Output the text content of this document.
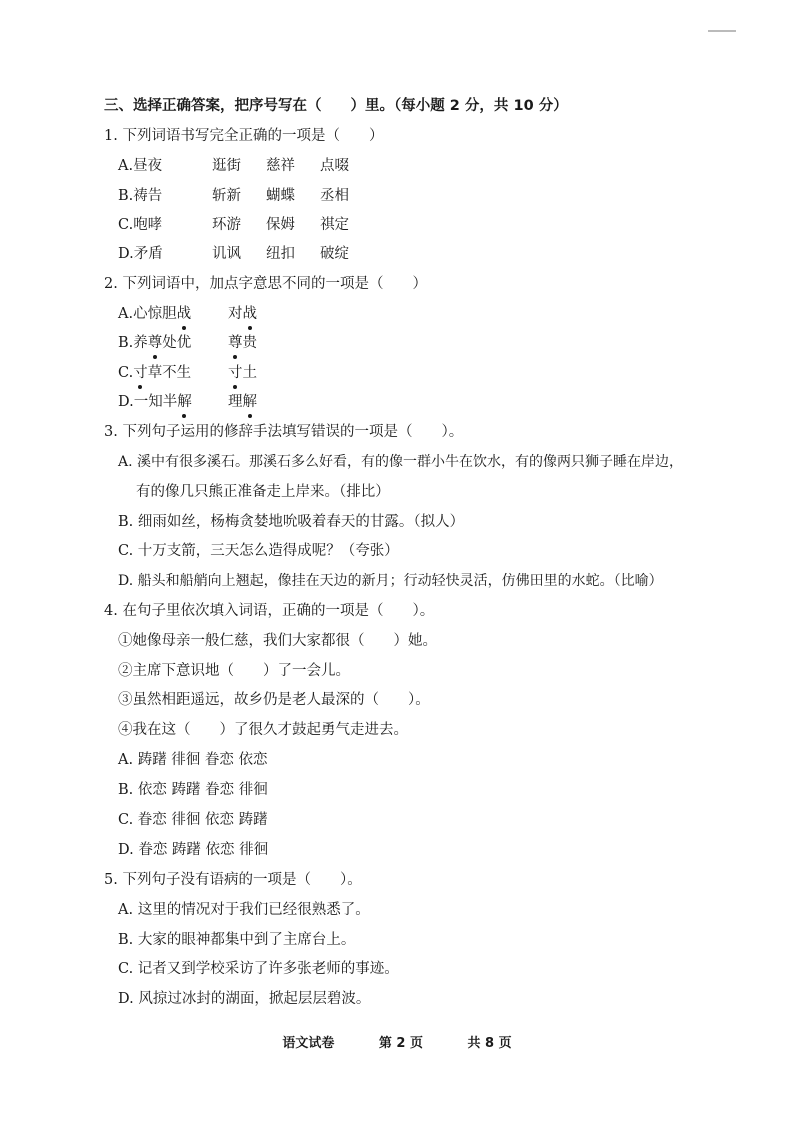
三、选择正确答案，把序号写在（　　）里。（每小题 2 分，共 10 分）
1. 下列词语书写完全正确的一项是（　　）
A.昼夜	逛街 慈祥 点啜
B.祷告	斩新 蝴蝶 丞相
C.咆哮	环游 保姆 祺定
D.矛盾	讥讽 纽扣 破绽
2. 下列词语中，加点字意思不同的一项是（　　）
A.心惊胆战	对战
B.养尊处优	尊贵
C.寸草不生	寸土
D.一知半解	理解
3. 下列句子运用的修辞手法填写错误的一项是（　　）。
A. 溪中有很多溪石。那溪石多么好看，有的像一群小牛在饮水，有的像两只狮子睡在岸边，
有的像几只熊正准备走上岸来。（排比）
B. 细雨如丝，杨梅贪婪地吮吸着春天的甘露。（拟人）
C. 十万支箭，三天怎么造得成呢？（夸张）
D. 船头和船艄向上翘起，像挂在天边的新月；行动轻快灵活，仿佛田里的水蛇。（比喻）
4. 在句子里依次填入词语，正确的一项是（　　）。
①她像母亲一般仁慈，我们大家都很（　　）她。
②主席下意识地（　　）了一会儿。
③虽然相距遥远，故乡仍是老人最深的（　　）。
④我在这（　　）了很久才鼓起勇气走进去。
A. 踌躇 徘徊 眷恋 依恋
B. 依恋 踌躇 眷恋 徘徊
C. 眷恋 徘徊 依恋 踌躇
D. 眷恋 踌躇 依恋 徘徊
5. 下列句子没有语病的一项是（　　）。
A. 这里的情况对于我们已经很熟悉了。
B. 大家的眼神都集中到了主席台上。
C. 记者又到学校采访了许多张老师的事迹。
D. 风掠过冰封的湖面，掀起层层碧波。
语文试卷	第 2 页	共 8 页
